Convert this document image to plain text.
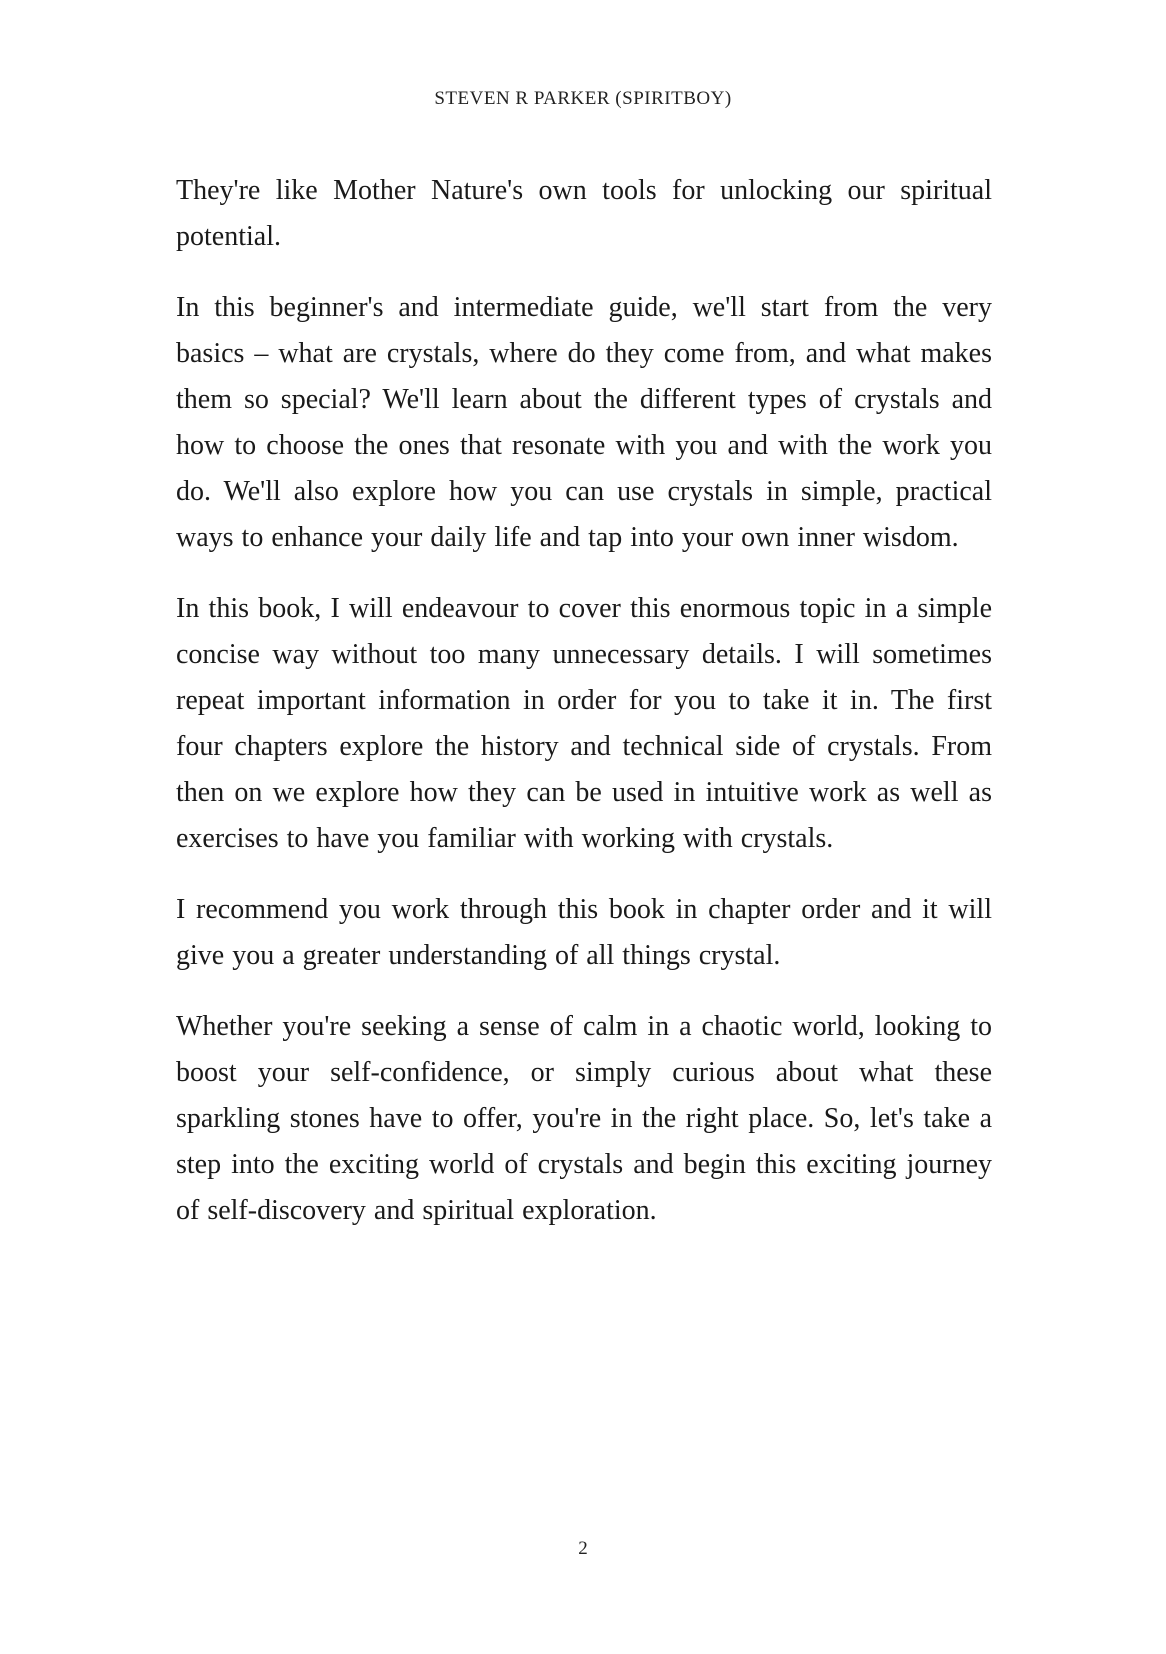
STEVEN R PARKER (SPIRITBOY)

They're like Mother Nature's own tools for unlocking our spiritual potential.

In this beginner's and intermediate guide, we'll start from the very basics – what are crystals, where do they come from, and what makes them so special? We'll learn about the different types of crystals and how to choose the ones that resonate with you and with the work you do. We'll also explore how you can use crystals in simple, practical ways to enhance your daily life and tap into your own inner wisdom.

In this book, I will endeavour to cover this enormous topic in a simple concise way without too many unnecessary details. I will sometimes repeat important information in order for you to take it in. The first four chapters explore the history and technical side of crystals. From then on we explore how they can be used in intuitive work as well as exercises to have you familiar with working with crystals.

I recommend you work through this book in chapter order and it will give you a greater understanding of all things crystal.

Whether you're seeking a sense of calm in a chaotic world, looking to boost your self-confidence, or simply curious about what these sparkling stones have to offer, you're in the right place. So, let's take a step into the exciting world of crystals and begin this exciting journey of self-discovery and spiritual exploration.

2
